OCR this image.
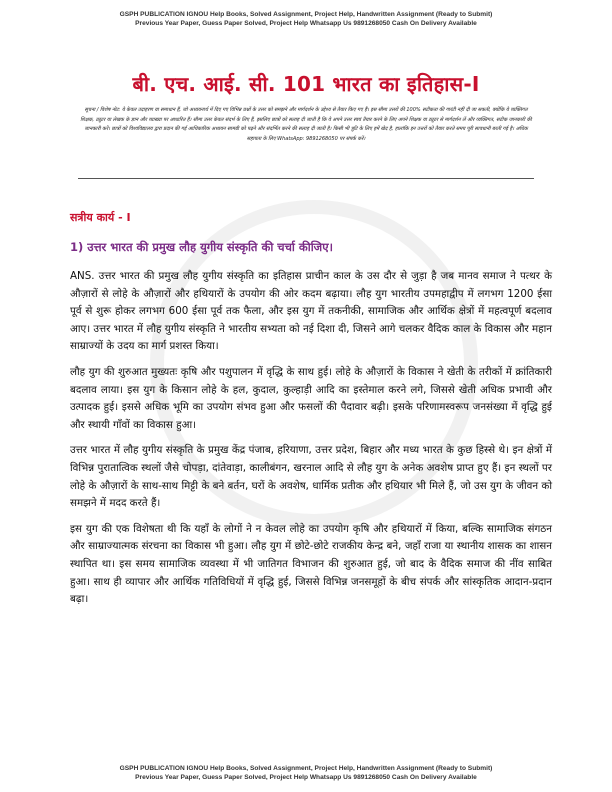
GSPH PUBLICATION IGNOU Help Books, Solved Assignment, Project Help, Handwritten Assignment (Ready to Submit)
Previous Year Paper, Guess Paper Solved, Project Help Whatsapp Us 9891268050 Cash On Delivery Available
बी. एच. आई. सी. 101 भारत का इतिहास-I
सूचना / विशेष नोट: ये केवल उदाहरण या समाधान हैं, जो अध्ययनार्थ में दिए गए विभिन्न प्रश्नों के उत्तर को समझने और मार्गदर्शन के उद्देश्य से तैयार किए गए हैं। इस सीमा उत्तरों की 100% सटीकता की गारंटी नहीं दी जा सकती, क्योंकि ये व्यक्तिगत शिक्षक, ट्यूटर या लेखक के ज्ञान और व्याख्या पर आधारित हैं। सीमा उत्तर केवल संदर्भ के लिए हैं, इसलिए छात्रों को सलाह दी जाती है कि वे अपने उत्तर स्वयं तैयार करने के लिए अपने शिक्षक या ट्यूटर से मार्गदर्शन लें और व्यक्तिगत, सटीक जानकारी की जानकारी करें। छात्रों को विश्वविद्यालय द्वारा प्रदान की गई आधिकारिक अध्ययन सामग्री को पढ़ने और संदर्भित करने की सलाह दी जाती है। किसी भी त्रुटि के लिए हमें खेद है, हालांकि इन उत्तरों को तैयार करते समय पूरी सावधानी बरती गई है। अधिक सहायता के लिए WhatsApp: 9891268050 पर संपर्क करें।
सत्रीय कार्य - I
1) उत्तर भारत की प्रमुख लौह युगीय संस्कृति की चर्चा कीजिए।

ANS. उत्तर भारत की प्रमुख लौह युगीय संस्कृति का इतिहास प्राचीन काल के उस दौर से जुड़ा है जब मानव समाज ने पत्थर के औज़ारों से लोहे के औज़ारों और हथियारों के उपयोग की ओर कदम बढ़ाया। लौह युग भारतीय उपमहाद्वीप में लगभग 1200 ईसा पूर्व से शुरू होकर लगभग 600 ईसा पूर्व तक फैला, और इस युग में तकनीकी, सामाजिक और आर्थिक क्षेत्रों में महत्वपूर्ण बदलाव आए। उत्तर भारत में लौह युगीय संस्कृति ने भारतीय सभ्यता को नई दिशा दी, जिसने आगे चलकर वैदिक काल के विकास और महान साम्राज्यों के उदय का मार्ग प्रशस्त किया।

लौह युग की शुरुआत मुख्यतः कृषि और पशुपालन में वृद्धि के साथ हुई। लोहे के औज़ारों के विकास ने खेती के तरीकों में क्रांतिकारी बदलाव लाया। इस युग के किसान लोहे के हल, कुदाल, कुल्हाड़ी आदि का इस्तेमाल करने लगे, जिससे खेती अधिक प्रभावी और उत्पादक हुई। इससे अधिक भूमि का उपयोग संभव हुआ और फसलों की पैदावार बढ़ी। इसके परिणामस्वरूप जनसंख्या में वृद्धि हुई और स्थायी गाँवों का विकास हुआ।

उत्तर भारत में लौह युगीय संस्कृति के प्रमुख केंद्र पंजाब, हरियाणा, उत्तर प्रदेश, बिहार और मध्य भारत के कुछ हिस्से थे। इन क्षेत्रों में विभिन्न पुरातात्विक स्थलों जैसे चोपड़ा, दांतेवाड़ा, कालीबंगन, खरनाल आदि से लौह युग के अनेक अवशेष प्राप्त हुए हैं। इन स्थलों पर लोहे के औज़ारों के साथ-साथ मिट्टी के बने बर्तन, घरों के अवशेष, धार्मिक प्रतीक और हथियार भी मिले हैं, जो उस युग के जीवन को समझने में मदद करते हैं।

इस युग की एक विशेषता थी कि यहाँ के लोगों ने न केवल लोहे का उपयोग कृषि और हथियारों में किया, बल्कि सामाजिक संगठन और साम्राज्यात्मक संरचना का विकास भी हुआ। लौह युग में छोटे-छोटे राजकीय केन्द्र बने, जहाँ राजा या स्थानीय शासक का शासन स्थापित था। इस समय सामाजिक व्यवस्था में भी जातिगत विभाजन की शुरुआत हुई, जो बाद के वैदिक समाज की नींव साबित हुआ। साथ ही व्यापार और आर्थिक गतिविधियों में वृद्धि हुई, जिससे विभिन्न जनसमूहों के बीच संपर्क और सांस्कृतिक आदान-प्रदान बढ़ा।

GSPH PUBLICATION IGNOU Help Books, Solved Assignment, Project Help, Handwritten Assignment (Ready to Submit)
Previous Year Paper, Guess Paper Solved, Project Help Whatsapp Us 9891268050 Cash On Delivery Available
